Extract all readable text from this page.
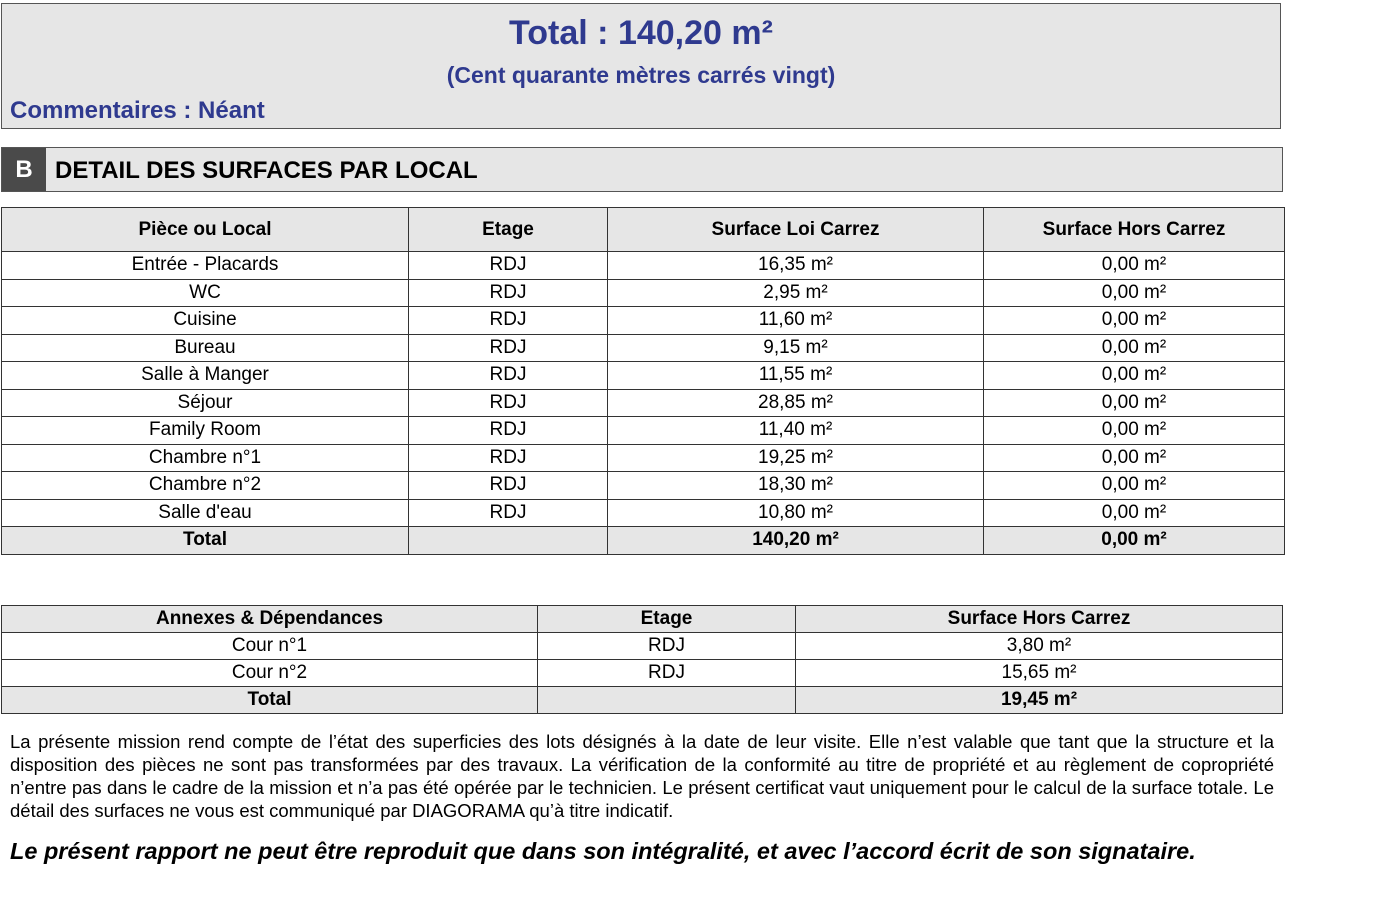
Total : 140,20 m²
(Cent quarante mètres carrés vingt)
Commentaires : Néant
B DETAIL DES SURFACES PAR LOCAL
Pièce ou Local	Etage	Surface Loi Carrez	Surface Hors Carrez
Entrée - Placards	RDJ	16,35 m²	0,00 m²
WC	RDJ	2,95 m²	0,00 m²
Cuisine	RDJ	11,60 m²	0,00 m²
Bureau	RDJ	9,15 m²	0,00 m²
Salle à Manger	RDJ	11,55 m²	0,00 m²
Séjour	RDJ	28,85 m²	0,00 m²
Family Room	RDJ	11,40 m²	0,00 m²
Chambre n°1	RDJ	19,25 m²	0,00 m²
Chambre n°2	RDJ	18,30 m²	0,00 m²
Salle d'eau	RDJ	10,80 m²	0,00 m²
Total		140,20 m²	0,00 m²
Annexes & Dépendances	Etage	Surface Hors Carrez
Cour n°1	RDJ	3,80 m²
Cour n°2	RDJ	15,65 m²
Total		19,45 m²
La présente mission rend compte de l’état des superficies des lots désignés à la date de leur visite. Elle n’est valable que tant que la structure et la disposition des pièces ne sont pas transformées par des travaux. La vérification de la conformité au titre de propriété et au règlement de copropriété n’entre pas dans le cadre de la mission et n’a pas été opérée par le technicien. Le présent certificat vaut uniquement pour le calcul de la surface totale. Le détail des surfaces ne vous est communiqué par DIAGORAMA qu’à titre indicatif.
Le présent rapport ne peut être reproduit que dans son intégralité, et avec l’accord écrit de son signataire.
